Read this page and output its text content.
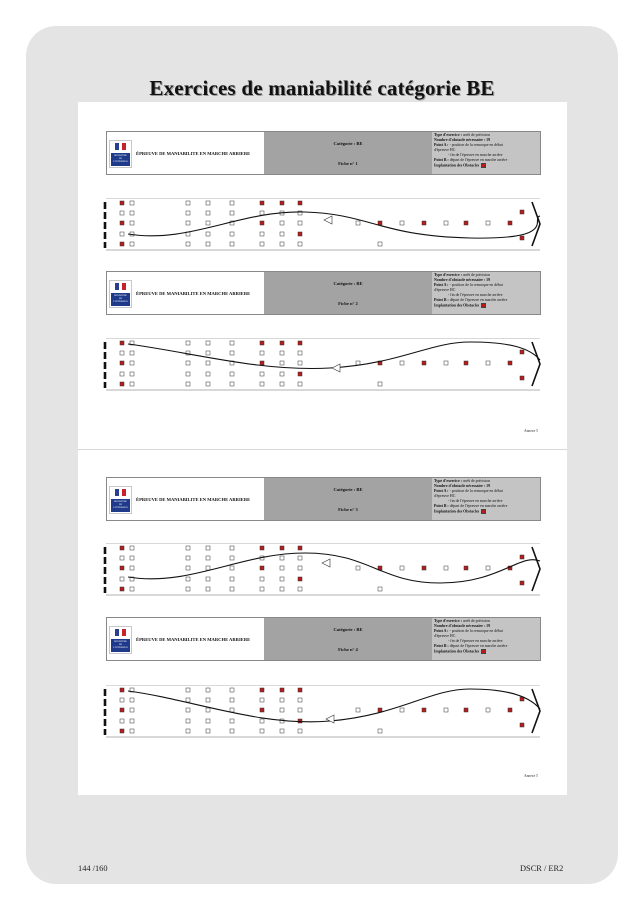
Exercices de maniabilité catégorie BE
MINISTÈRE
DE
L'INTÉRIEUR
ÉPREUVE DE MANIABILITE EN MARCHE ARRIERE
Catégorie : BE
Fiche n° 1
Type d'exercice : arrêt de précision
Nombre d'obstacle nécessaire : 19
Point A : - position de la remorque en début
d'épreuve HC
- fin de l'épreuve en marche arrière
Point B : départ de l'épreuve en marche arrière
Implantation des Obstacles
MINISTÈRE
DE
L'INTÉRIEUR
ÉPREUVE DE MANIABILITE EN MARCHE ARRIERE
Catégorie : BE
Fiche n° 2
Type d'exercice : arrêt de précision
Nombre d'obstacle nécessaire : 19
Point A : - position de la remorque en début
d'épreuve HC
- fin de l'épreuve en marche arrière
Point B : départ de l'épreuve en marche arrière
Implantation des Obstacles
Annexe 5
MINISTÈRE
DE
L'INTÉRIEUR
ÉPREUVE DE MANIABILITE EN MARCHE ARRIERE
Catégorie : BE
Fiche n° 3
Type d'exercice : arrêt de précision
Nombre d'obstacle nécessaire : 19
Point A : - position de la remorque en début
d'épreuve HC
- fin de l'épreuve en marche arrière
Point B : départ de l'épreuve en marche arrière
Implantation des Obstacles
MINISTÈRE
DE
L'INTÉRIEUR
ÉPREUVE DE MANIABILITE EN MARCHE ARRIERE
Catégorie : BE
Fiche n° 4
Type d'exercice : arrêt de précision
Nombre d'obstacle nécessaire : 19
Point A : - position de la remorque en début
d'épreuve HC
- fin de l'épreuve en marche arrière
Point B : départ de l'épreuve en marche arrière
Implantation des Obstacles
Annexe 5
144 /160	DSCR / ER2
